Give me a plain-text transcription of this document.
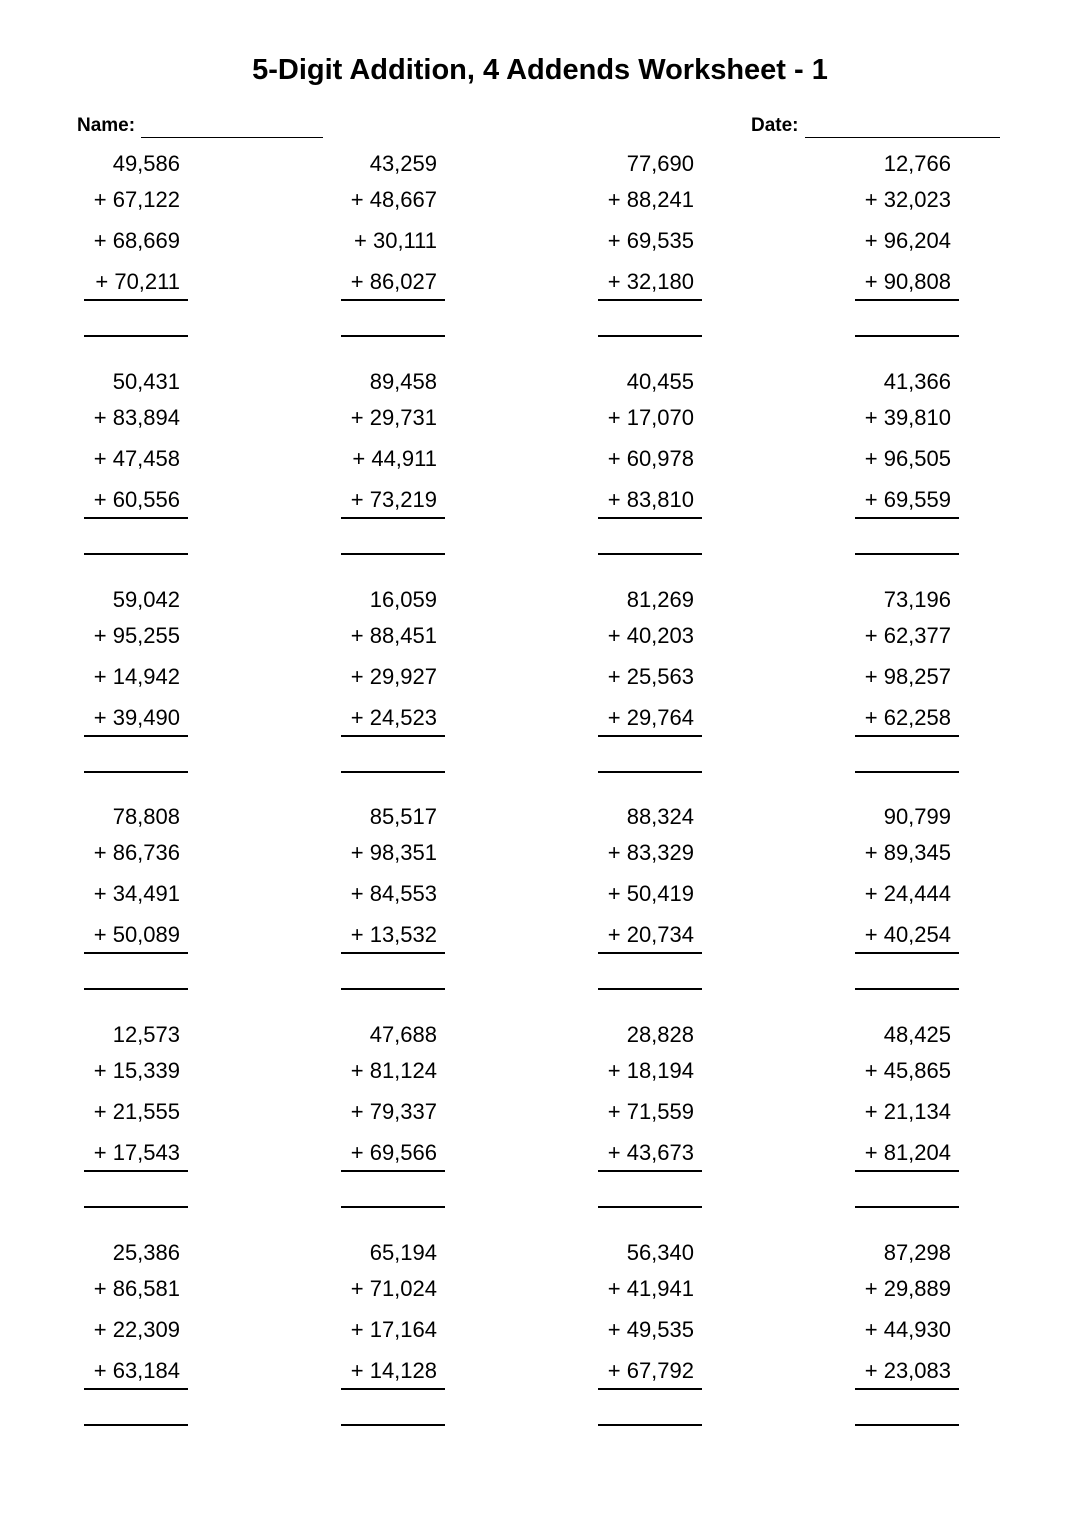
5-Digit Addition, 4 Addends Worksheet - 1
Name:	Date:
49,586
+ 67,122
+ 68,669
+ 70,211
43,259
+ 48,667
+ 30,111
+ 86,027
77,690
+ 88,241
+ 69,535
+ 32,180
12,766
+ 32,023
+ 96,204
+ 90,808
50,431
+ 83,894
+ 47,458
+ 60,556
89,458
+ 29,731
+ 44,911
+ 73,219
40,455
+ 17,070
+ 60,978
+ 83,810
41,366
+ 39,810
+ 96,505
+ 69,559
59,042
+ 95,255
+ 14,942
+ 39,490
16,059
+ 88,451
+ 29,927
+ 24,523
81,269
+ 40,203
+ 25,563
+ 29,764
73,196
+ 62,377
+ 98,257
+ 62,258
78,808
+ 86,736
+ 34,491
+ 50,089
85,517
+ 98,351
+ 84,553
+ 13,532
88,324
+ 83,329
+ 50,419
+ 20,734
90,799
+ 89,345
+ 24,444
+ 40,254
12,573
+ 15,339
+ 21,555
+ 17,543
47,688
+ 81,124
+ 79,337
+ 69,566
28,828
+ 18,194
+ 71,559
+ 43,673
48,425
+ 45,865
+ 21,134
+ 81,204
25,386
+ 86,581
+ 22,309
+ 63,184
65,194
+ 71,024
+ 17,164
+ 14,128
56,340
+ 41,941
+ 49,535
+ 67,792
87,298
+ 29,889
+ 44,930
+ 23,083
